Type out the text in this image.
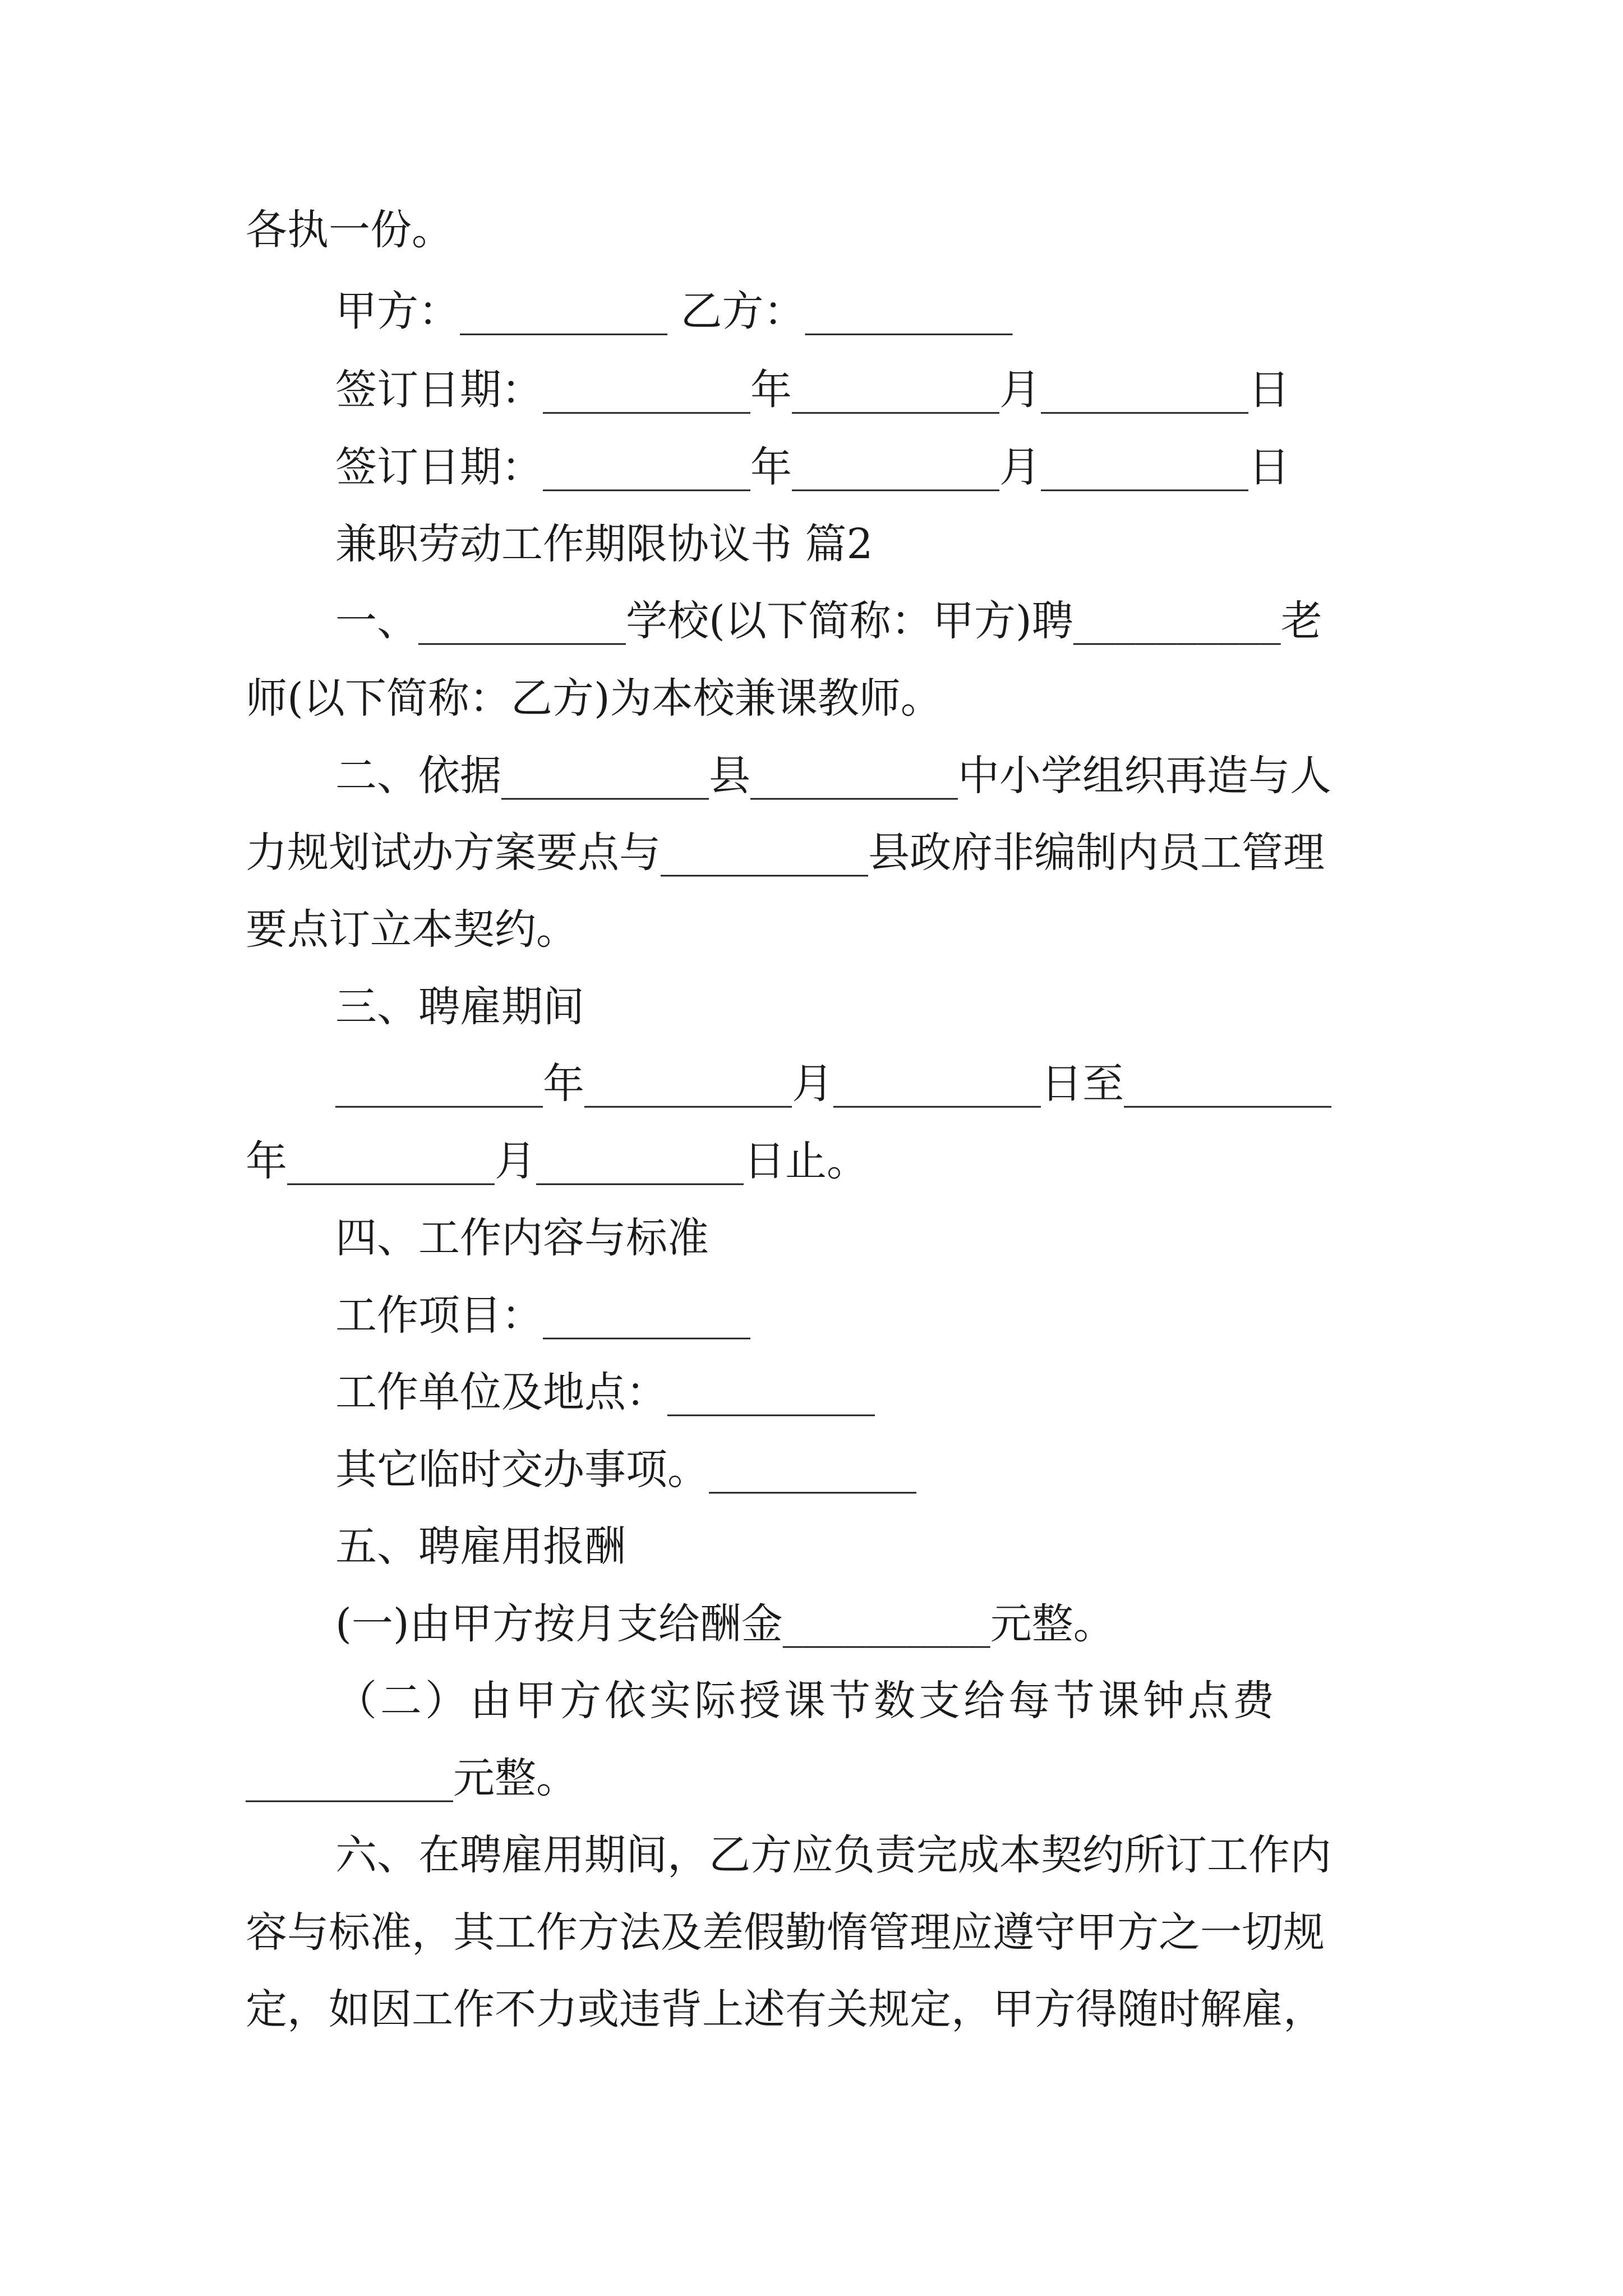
各执一份。
甲方：__________ 乙方：__________
签订日期：__________年__________月__________日
签订日期：__________年__________月__________日
兼职劳动工作期限协议书 篇2
一、__________学校(以下简称：甲方)聘__________老
师(以下简称：乙方)为本校兼课教师。
二、依据__________县__________中小学组织再造与人
力规划试办方案要点与__________县政府非编制内员工管理
要点订立本契约。
三、聘雇期间
__________年__________月__________日至__________
年__________月__________日止。
四、工作内容与标准
工作项目：__________
工作单位及地点：__________
其它临时交办事项。__________
五、聘雇用报酬
(一)由甲方按月支给酬金__________元整。
（二）由甲方依实际授课节数支给每节课钟点费
__________元整。
六、在聘雇用期间，乙方应负责完成本契约所订工作内
容与标准，其工作方法及差假勤惰管理应遵守甲方之一切规
定，如因工作不力或违背上述有关规定，甲方得随时解雇，
